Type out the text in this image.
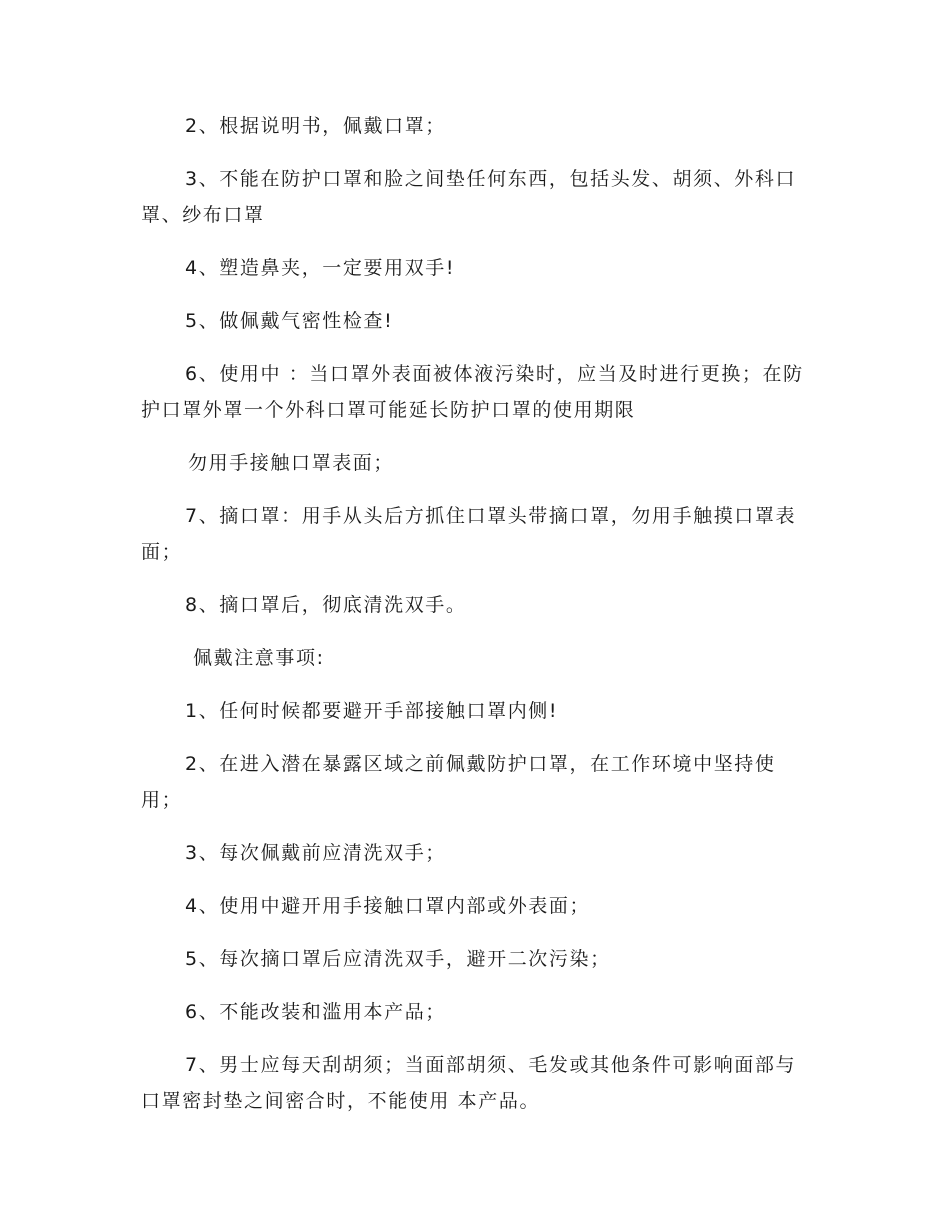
2、根据说明书，佩戴口罩；

3、不能在防护口罩和脸之间垫任何东西，包括头发、胡须、外科口罩、纱布口罩

4、塑造鼻夹，一定要用双手!

5、做佩戴气密性检查!

6、使用中 ：当口罩外表面被体液污染时，应当及时进行更换；在防护口罩外罩一个外科口罩可能延长防护口罩的使用期限

勿用手接触口罩表面；

7、摘口罩：用手从头后方抓住口罩头带摘口罩，勿用手触摸口罩表面；

8、摘口罩后，彻底清洗双手。

佩戴注意事项:

1、任何时候都要避开手部接触口罩内侧!

2、在进入潜在暴露区域之前佩戴防护口罩，在工作环境中坚持使用；

3、每次佩戴前应清洗双手；

4、使用中避开用手接触口罩内部或外表面；

5、每次摘口罩后应清洗双手，避开二次污染；

6、不能改装和滥用本产品；

7、男士应每天刮胡须；当面部胡须、毛发或其他条件可影响面部与口罩密封垫之间密合时，不能使用 本产品。
